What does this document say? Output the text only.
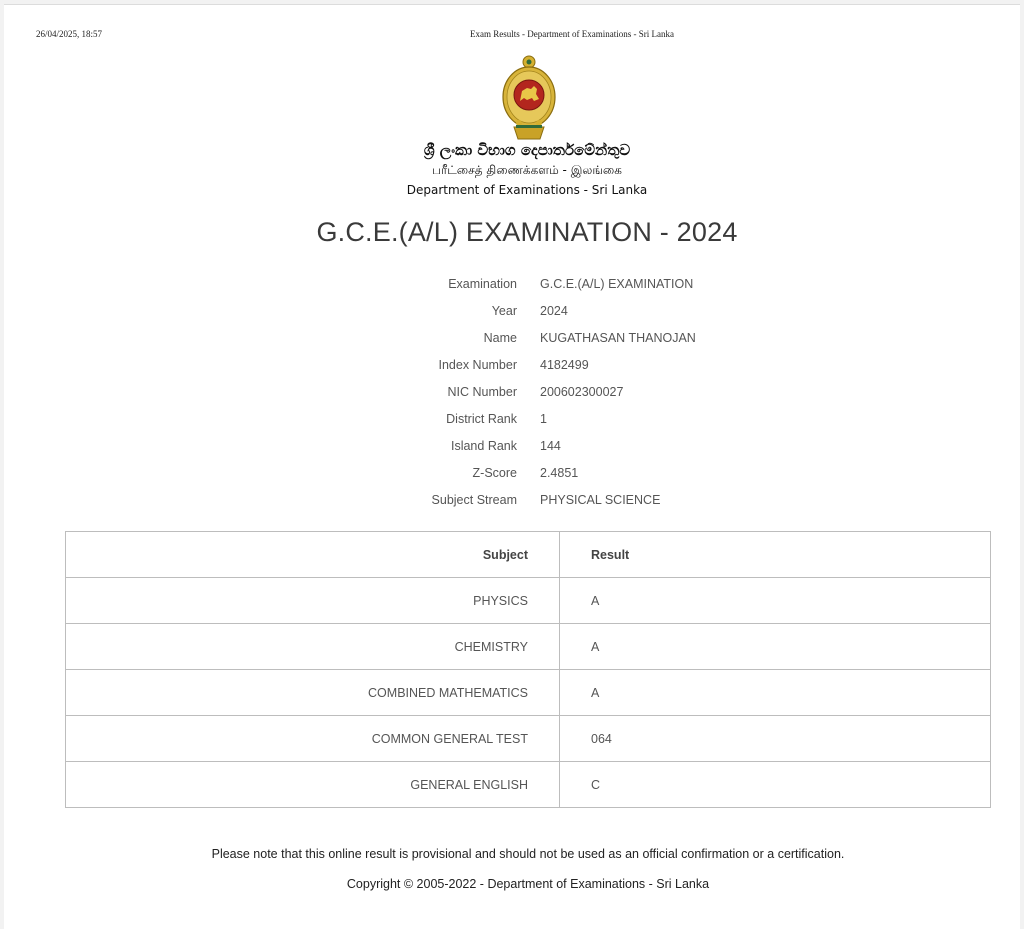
26/04/2025, 18:57	Exam Results - Department of Examinations - Sri Lanka
ශ්‍රී ලංකා විභාග දෙපාර්තමේන්තුව
பரீட்சைத் திணைக்களம் - இலங்கை
Department of Examinations - Sri Lanka
G.C.E.(A/L) EXAMINATION - 2024
Examination G.C.E.(A/L) EXAMINATION
Year 2024
Name KUGATHASAN THANOJAN
Index Number 4182499
NIC Number 200602300027
District Rank 1
Island Rank 144
Z-Score 2.4851
Subject Stream PHYSICAL SCIENCE
Subject	Result
PHYSICS	A
CHEMISTRY	A
COMBINED MATHEMATICS	A
COMMON GENERAL TEST	064
GENERAL ENGLISH	C
Please note that this online result is provisional and should not be used as an official confirmation or a certification.
Copyright © 2005-2022 - Department of Examinations - Sri Lanka
